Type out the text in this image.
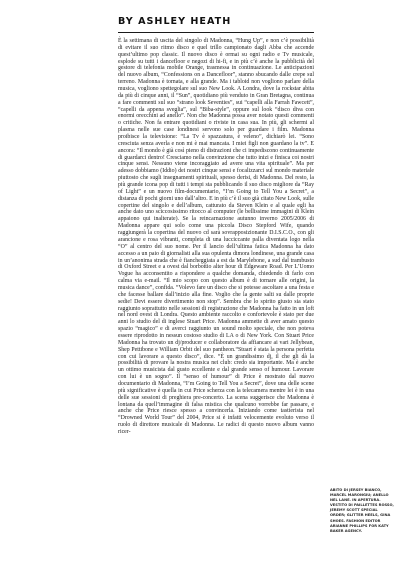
BY ASHLEY HEATH

È la settimana di uscita del singolo di Madonna, “Hung Up”, e non c’è possibilità di evitare il suo ritmo disco e quel trillo campionato dagli Abba che accende quest’ultimo pop classic. Il nuovo disco è ormai su ogni radio e Tv musicale, esplode su tutti i dancefloor e negozi di hi-fi, e in più c’è anche la pubblicità del gestore di telefonia mobile Orange, trasmessa in continuazione. Le anticipazioni del nuovo album, “Confessions on a Dancefloor”, stanno sbucando dalle crepe sul terreno. Madonna è tornata, e alla grande. Ma i tabloid non vogliono parlare della musica, vogliono spettegolare sul suo New Look. A Londra, dove la rockstar abita da più di cinque anni, il “Sun”, quotidiano più venduto in Gran Bretagna, continua a fare commenti sul suo “strano look Seventies”, sui “capelli alla Farrah Fawcett”, “capelli da appena sveglia”, sul “Biba-style”, oppure sul look “disco diva con enormi orecchini ad anello”. Non che Madonna possa aver notato questi commenti o critiche. Non fa entrare quotidiani o riviste in casa sua. In più, gli schermi al plasma nelle sue case londinesi servono solo per guardare i film. Madonna proibisce la televisione: “La Tv è spazzatura, è veleno”, dichiarò lei. “Sono cresciuta senza averla e non mi è mai mancata. I miei figli non guardano la tv”. E ancora: “Il mondo è già così pieno di distrazioni che ci impediscono continuamente di guardarci dentro! Cresciamo nella convinzione che tutto inizi e finisca coi nostri cinque sensi. Nessuno viene incoraggiato ad avere una vita spirituale”. Ma per adesso dobbiamo (Iddio) dei nostri cinque sensi e focalizzarci sul mondo materiale piuttosto che sugli insegnamenti spirituali, spesso derisi, di Madonna. Del resto, la più grande icona pop di tutti i tempi sta pubblicando il suo disco migliore da “Ray of Light” e un nuovo film-documentario, “I’m Going to Tell You a Secret”, a distanza di pochi giorni uno dall’altro. E in più c’è il suo già citato New Look, sulle copertine del singolo e dell’album, catturato da Steven Klein e al quale egli ha anche dato uno sciccosissimo ritocco al computer (le bellissime immagini di Klein appaiono qui inalterate). Se la reincarnazione autunno inverno 2005/2006 di Madonna appare qui solo come una piccola Disco Stepford Wife, quando raggiungerà la copertina del nuovo cd sarà sovrapposizionante D.I.S.C.O., con gli arancione e rosa vibranti, completa di una lucciccante palla diventata logo nella “O” al centro del suo nome. Per il lancio dell’ultima fatica Madonna ha dato accesso a un paio di giornalisti alla sua opulenta dimora londinese, una grande casa in un’anonima strada che è fiancheggiata a est da Marylebone, a sud dal trambusto di Oxford Street e a ovest dal borbottio alter hour di Edgeware Road. Per L’Uomo Vogue ha acconsentito a rispondere a qualche domanda, chiedendo di farlo con calma via e-mail. “Il mio scopo con questo album è di tornare alle origini, la musica dance”, confida. “Volevo fare un disco che si potesse ascoltare a una festa e che facesse ballare dall’inizio alla fine. Voglio che la gente salti su dalle proprie sedie! Devi essere divertimento non stop”. Sembra che lo spirito giusto sia stato raggiunto soprattutto nelle sessioni di registrazione che Madonna ha fatto in un loft nel nord ovest di Londra. Questo ambiente raccolto e confortevole è stato per due anni lo studio del di inglese Stuart Price. Madonna ammette di aver amato questo spazio “magico” e di averci raggiunto un sound molto speciale, che non poteva essere riprodotto in nessun costoso studio di LA o di New York. Con Stuart Price Madonna ha trovato un dj/producer e collaboratore da affiancare ai vari Jellybean, Shep Pettibone e William Orbit del suo pantheon.“Stuart è stata la persona perfetta con cui lavorare a questo disco”, dice. “È un grandissimo dj, il che gli dà la possibilità di provare la nostra musica nei club: credo sia importante. Ma è anche un ottimo musicista dal gusto eccellente e dal grande senso of humour. Lavorare con lui è un sogno”. Il “senso of humour” di Price è mostrato dal nuovo documentario di Madonna, “I’m Going to Tell You a Secret”, dove una delle scene più significative è quella in cui Price scherza con la telecamera mentre lei è in una delle sue sessioni di preghiera pre-concerto. La scena suggerisce che Madonna è lontana da quell’immagine di falsa mistica che qualcuno vorrebbe far passare, e anche che Price riesce spesso a convincerla. Iniziando come tastierista nel “Drowned World Tour” del 2004, Price si è infatti velocemente evoluto verso il ruolo di direttore musicale di Madonna. Le radici di questo nuovo album vanno ricer-

ABITO DI JERSEY BIANCO, MARCEL MARONGIU; ANELLO NEL LANE. IN APERTURA. VESTITO DI PAILLETTES ROSSO, JEREMY SCOTT SPECIAL ORDER; GLITTER HEELS, GINA SHOES. FASHION EDITOR ARIANNE PHILLIPS FOR KATY BAKER AGENCY.
